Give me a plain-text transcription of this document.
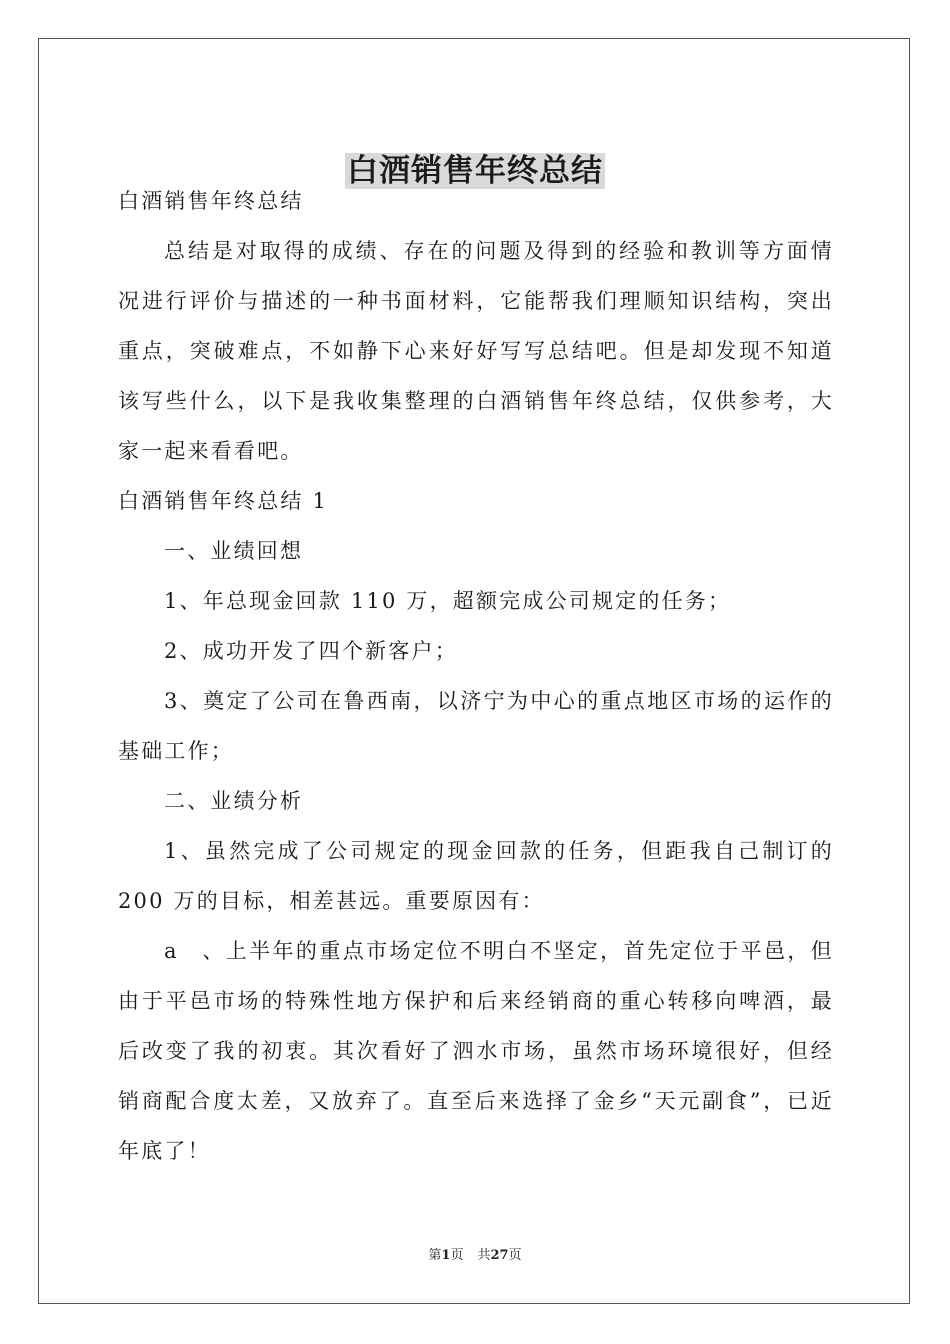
白酒销售年终总结

白酒销售年终总结

总结是对取得的成绩、存在的问题及得到的经验和教训等方面情况进行评价与描述的一种书面材料，它能帮我们理顺知识结构，突出重点，突破难点，不如静下心来好好写写总结吧。但是却发现不知道该写些什么，以下是我收集整理的白酒销售年终总结，仅供参考，大家一起来看看吧。

白酒销售年终总结 1

一、业绩回想

1、年总现金回款 110 万，超额完成公司规定的任务；

2、成功开发了四个新客户；

3、奠定了公司在鲁西南，以济宁为中心的重点地区市场的运作的基础工作；

二、业绩分析

1、虽然完成了公司规定的现金回款的任务，但距我自己制订的 200 万的目标，相差甚远。重要原因有：

a　、上半年的重点市场定位不明白不坚定，首先定位于平邑，但由于平邑市场的特殊性地方保护和后来经销商的重心转移向啤酒，最后改变了我的初衷。其次看好了泗水市场，虽然市场环境很好，但经销商配合度太差，又放弃了。直至后来选择了金乡“天元副食”，已近年底了！

第1页 共27页
